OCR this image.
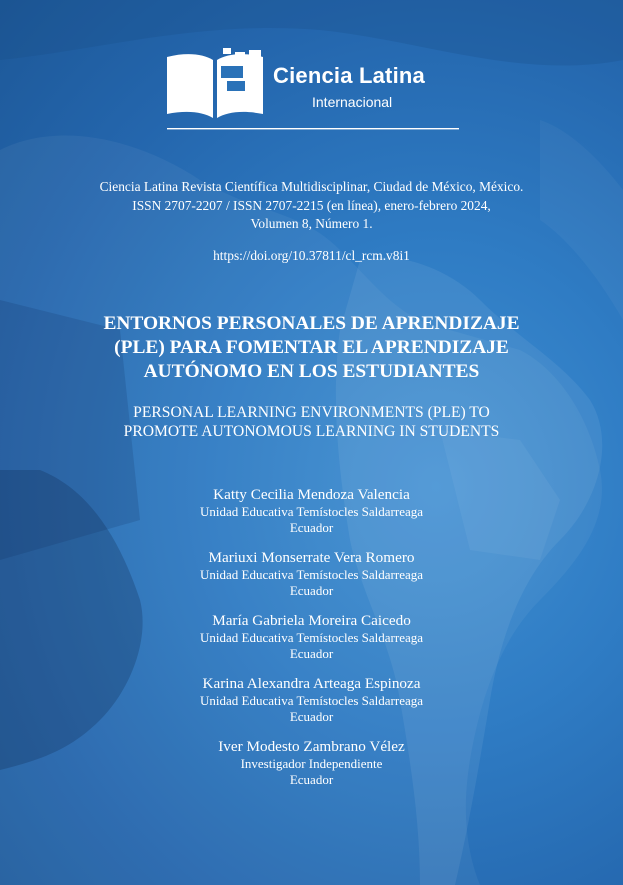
Ciencia Latina
Internacional
Ciencia Latina Revista Científica Multidisciplinar, Ciudad de México, México.
ISSN 2707-2207 / ISSN 2707-2215 (en línea), enero-febrero 2024,
Volumen 8, Número 1.
https://doi.org/10.37811/cl_rcm.v8i1
ENTORNOS PERSONALES DE APRENDIZAJE
(PLE) PARA FOMENTAR EL APRENDIZAJE
AUTÓNOMO EN LOS ESTUDIANTES
PERSONAL LEARNING ENVIRONMENTS (PLE) TO
PROMOTE AUTONOMOUS LEARNING IN STUDENTS
Katty Cecilia Mendoza Valencia
Unidad Educativa Temístocles Saldarreaga
Ecuador
Mariuxi Monserrate Vera Romero
Unidad Educativa Temístocles Saldarreaga
Ecuador
María Gabriela Moreira Caicedo
Unidad Educativa Temístocles Saldarreaga
Ecuador
Karina Alexandra Arteaga Espinoza
Unidad Educativa Temístocles Saldarreaga
Ecuador
Iver Modesto Zambrano Vélez
Investigador Independiente
Ecuador
